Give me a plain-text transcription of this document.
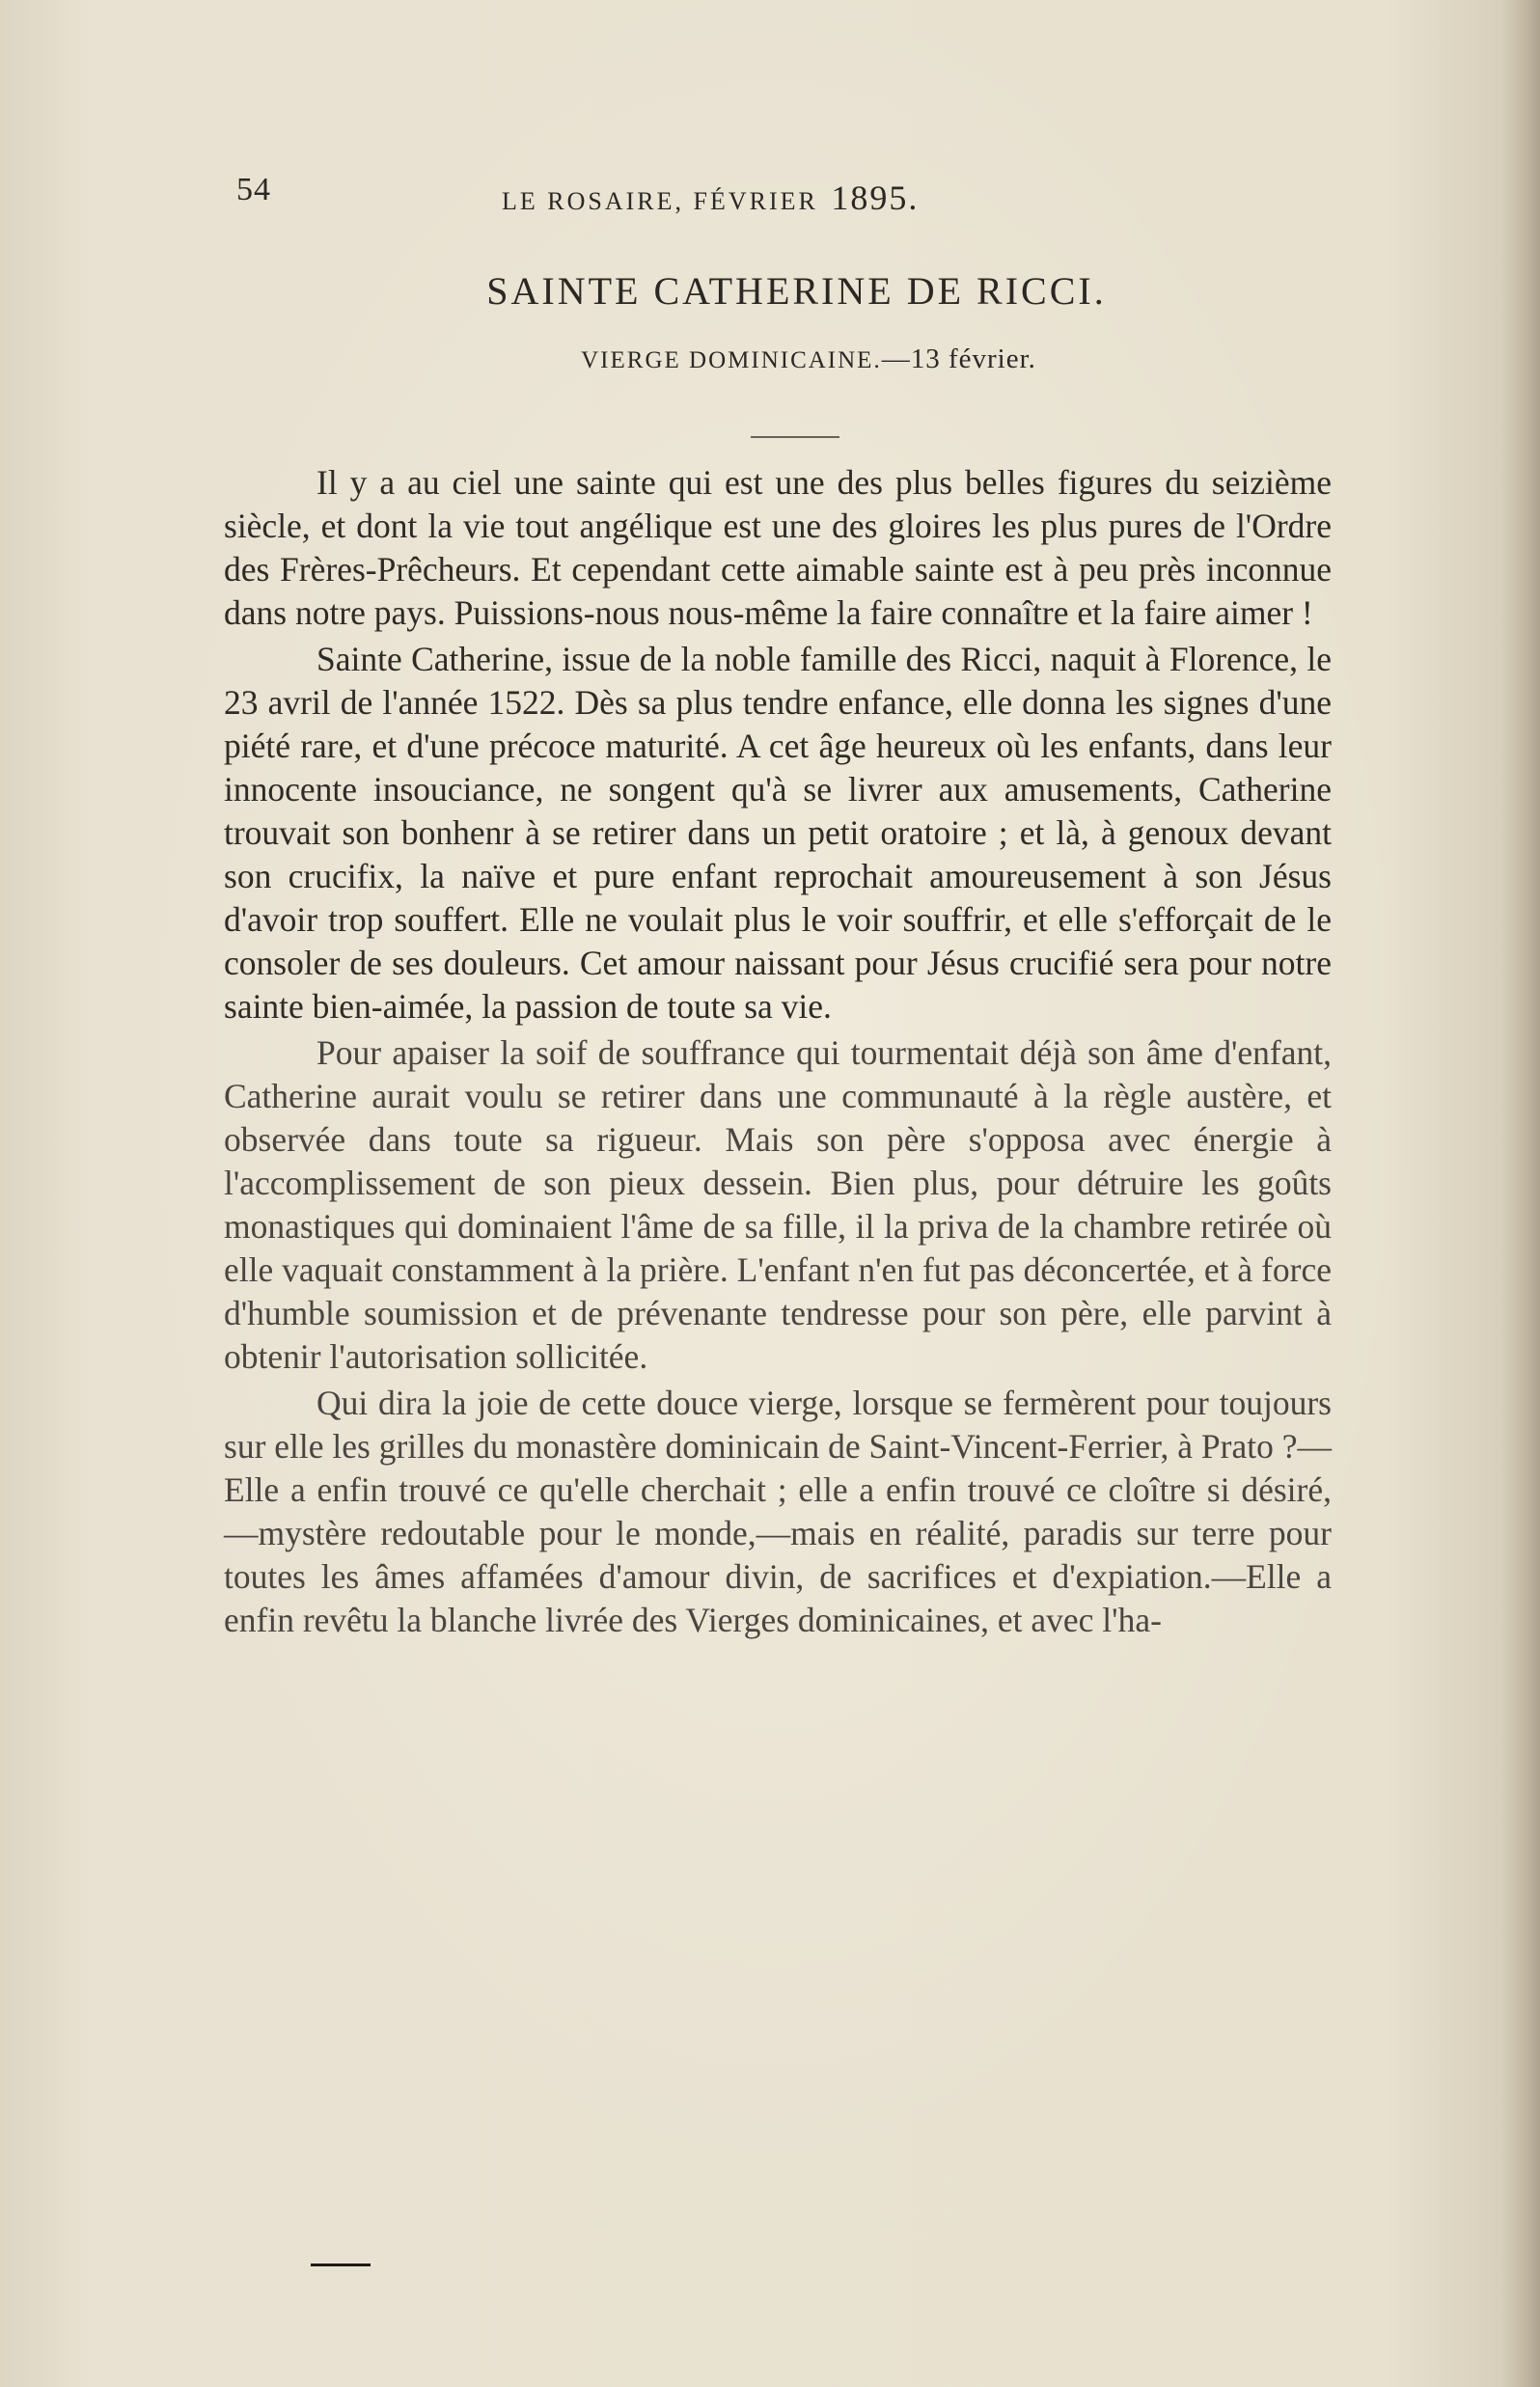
54	LE ROSAIRE, FÉVRIER 1895.
SAINTE CATHERINE DE RICCI.
VIERGE DOMINICAINE.—13 février.

Il y a au ciel une sainte qui est une des plus belles figures du seizième siècle, et dont la vie tout angélique est une des gloires les plus pures de l'Ordre des Frères-Prêcheurs. Et cependant cette aimable sainte est à peu près inconnue dans notre pays. Puissions-nous nous-même la faire connaître et la faire aimer !

Sainte Catherine, issue de la noble famille des Ricci, naquit à Florence, le 23 avril de l'année 1522. Dès sa plus tendre enfance, elle donna les signes d'une piété rare, et d'une précoce maturité. A cet âge heureux où les enfants, dans leur innocente insouciance, ne songent qu'à se livrer aux amusements, Catherine trouvait son bonhenr à se retirer dans un petit oratoire ; et là, à genoux devant son crucifix, la naïve et pure enfant reprochait amoureusement à son Jésus d'avoir trop souffert. Elle ne voulait plus le voir souffrir, et elle s'efforçait de le consoler de ses douleurs. Cet amour naissant pour Jésus crucifié sera pour notre sainte bien-aimée, la passion de toute sa vie.

Pour apaiser la soif de souffrance qui tourmentait déjà son âme d'enfant, Catherine aurait voulu se retirer dans une communauté à la règle austère, et observée dans toute sa rigueur. Mais son père s'opposa avec énergie à l'accomplissement de son pieux dessein. Bien plus, pour détruire les goûts monastiques qui dominaient l'âme de sa fille, il la priva de la chambre retirée où elle vaquait constamment à la prière. L'enfant n'en fut pas déconcertée, et à force d'humble soumission et de prévenante tendresse pour son père, elle parvint à obtenir l'autorisation sollicitée.

Qui dira la joie de cette douce vierge, lorsque se fermèrent pour toujours sur elle les grilles du monastère dominicain de Saint-Vincent-Ferrier, à Prato ?—Elle a enfin trouvé ce qu'elle cherchait ; elle a enfin trouvé ce cloître si désiré, —mystère redoutable pour le monde,—mais en réalité, paradis sur terre pour toutes les âmes affamées d'amour divin, de sacrifices et d'expiation.—Elle a enfin revêtu la blanche livrée des Vierges dominicaines, et avec l'ha-
